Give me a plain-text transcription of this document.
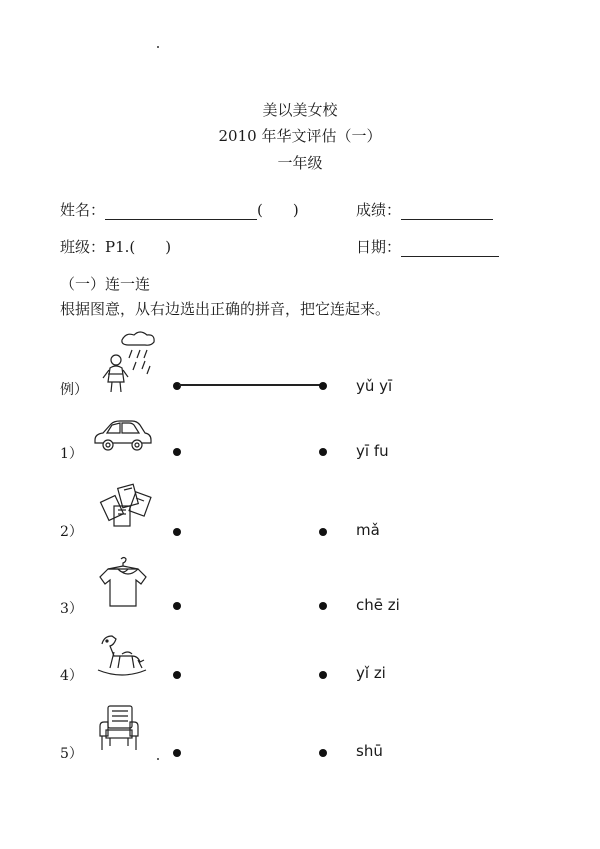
美以美女校
2010 年华文评估（一）
一年级
姓名：	(　　)	成绩：
班级：P1.(　　)	日期：
（一）连一连
根据图意，从右边选出正确的拼音，把它连起来。
例）	yǔ yī
1）	yī fu
2）	mǎ
3）	chē zi
4）	yǐ zi
5）	shū
